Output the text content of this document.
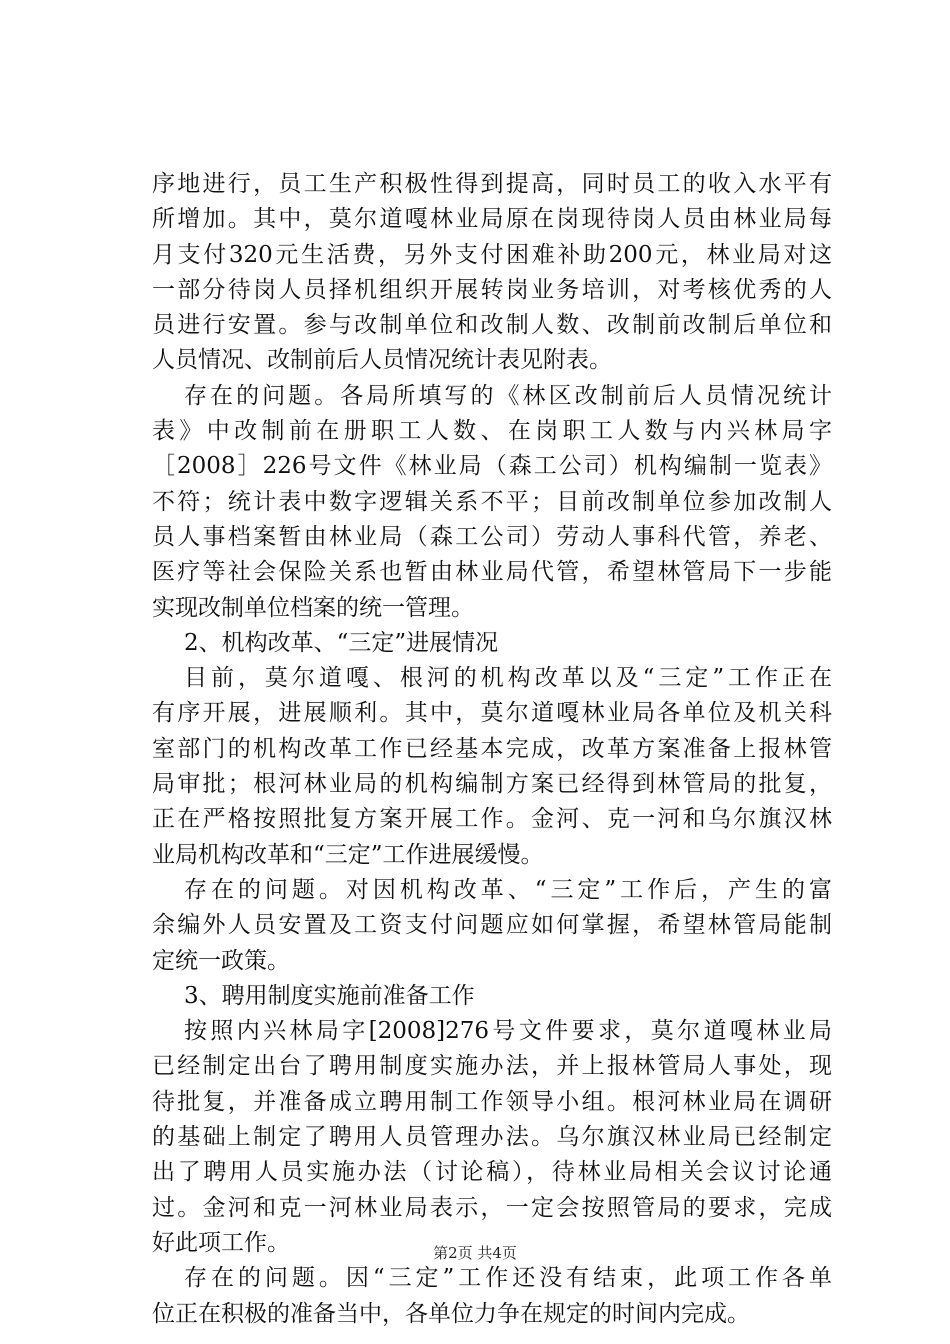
序地进行，员工生产积极性得到提高，同时员工的收入水平有
所增加。其中，莫尔道嘎林业局原在岗现待岗人员由林业局每
月支付320元生活费，另外支付困难补助200元，林业局对这
一部分待岗人员择机组织开展转岗业务培训，对考核优秀的人
员进行安置。参与改制单位和改制人数、改制前改制后单位和
人员情况、改制前后人员情况统计表见附表。
存在的问题。各局所填写的《林区改制前后人员情况统计
表》中改制前在册职工人数、在岗职工人数与内兴林局字
［2008］226号文件《林业局（森工公司）机构编制一览表》
不符；统计表中数字逻辑关系不平；目前改制单位参加改制人
员人事档案暂由林业局（森工公司）劳动人事科代管，养老、
医疗等社会保险关系也暂由林业局代管，希望林管局下一步能
实现改制单位档案的统一管理。
2、机构改革、“三定”进展情况
目前，莫尔道嘎、根河的机构改革以及“三定”工作正在
有序开展，进展顺利。其中，莫尔道嘎林业局各单位及机关科
室部门的机构改革工作已经基本完成，改革方案准备上报林管
局审批；根河林业局的机构编制方案已经得到林管局的批复，
正在严格按照批复方案开展工作。金河、克一河和乌尔旗汉林
业局机构改革和“三定”工作进展缓慢。
存在的问题。对因机构改革、“三定”工作后，产生的富
余编外人员安置及工资支付问题应如何掌握，希望林管局能制
定统一政策。
3、聘用制度实施前准备工作
按照内兴林局字[2008]276号文件要求，莫尔道嘎林业局
已经制定出台了聘用制度实施办法，并上报林管局人事处，现
待批复，并准备成立聘用制工作领导小组。根河林业局在调研
的基础上制定了聘用人员管理办法。乌尔旗汉林业局已经制定
出了聘用人员实施办法（讨论稿），待林业局相关会议讨论通
过。金河和克一河林业局表示，一定会按照管局的要求，完成
好此项工作。
存在的问题。因“三定”工作还没有结束，此项工作各单
位正在积极的准备当中，各单位力争在规定的时间内完成。
第2页 共4页
